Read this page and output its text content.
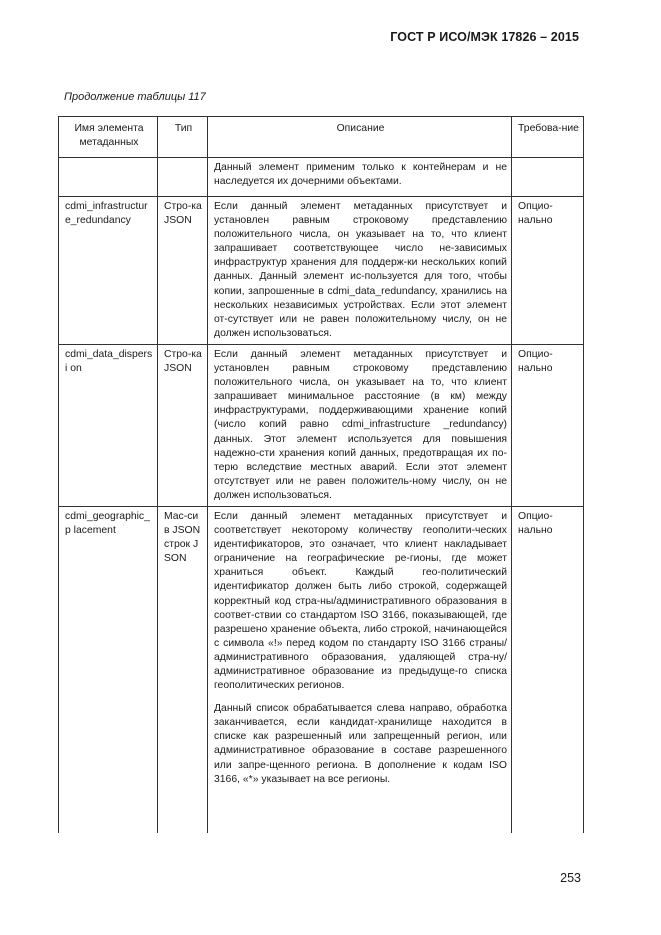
ГОСТ Р ИСО/МЭК 17826 – 2015
Продолжение таблицы 117
Имя элемента метаданных	Тип	Описание	Требова-ние

		Данный элемент применим только к контейнерам и не наследуется их дочерними объектами.	

cdmi_infrastructure_redundancy	Стро-ка JSON	Если данный элемент метаданных присутствует и установлен равным строковому представлению положительного числа, он указывает на то, что клиент запрашивает соответствующее число не-зависимых инфраструктур хранения для поддерж-ки нескольких копий данных. Данный элемент ис-пользуется для того, чтобы копии, запрошенные в cdmi_data_redundancy, хранились на нескольких независимых устройствах. Если этот элемент от-сутствует или не равен положительному числу, он не должен использоваться.	Опцио-нально
cdmi_data_dispersi on	Стро-ка JSON	Если данный элемент метаданных присутствует и установлен равным строковому представлению положительного числа, он указывает на то, что клиент запрашивает минимальное расстояние (в км) между инфраструктурами, поддерживающими хранение копий (число копий равно cdmi_infrastructure _redundancy) данных. Этот элемент используется для повышения надежно-сти хранения копий данных, предотвращая их по-терю вследствие местных аварий. Если этот элемент отсутствует или не равен положитель-ному числу, он не должен использоваться.	Опцио-нально
cdmi_geographic_p lacement	Мас-сив JSON строк JSON	Если данный элемент метаданных присутствует и соответствует некоторому количеству геополити-ческих идентификаторов, это означает, что клиент накладывает ограничение на географические ре-гионы, где может храниться объект. Каждый гео-политический идентификатор должен быть либо строкой, содержащей корректный код стра-ны/административного образования в соответ-ствии со стандартом ISO 3166, показывающей, где разрешено хранение объекта, либо строкой, начинающейся с символа «!» перед кодом по стандарту ISO 3166 страны/административного образования, удаляющей стра-ну/административное образование из предыдуще-го списка геополитических регионов.

Данный список обрабатывается слева направо, обработка заканчивается, если кандидат-хранилище находится в списке как разрешенный или запрещенный регион, или административное образование в составе разрешенного или запре-щенного региона. В дополнение к кодам ISO 3166, «*» указывает на все регионы.	Опцио-нально
253
